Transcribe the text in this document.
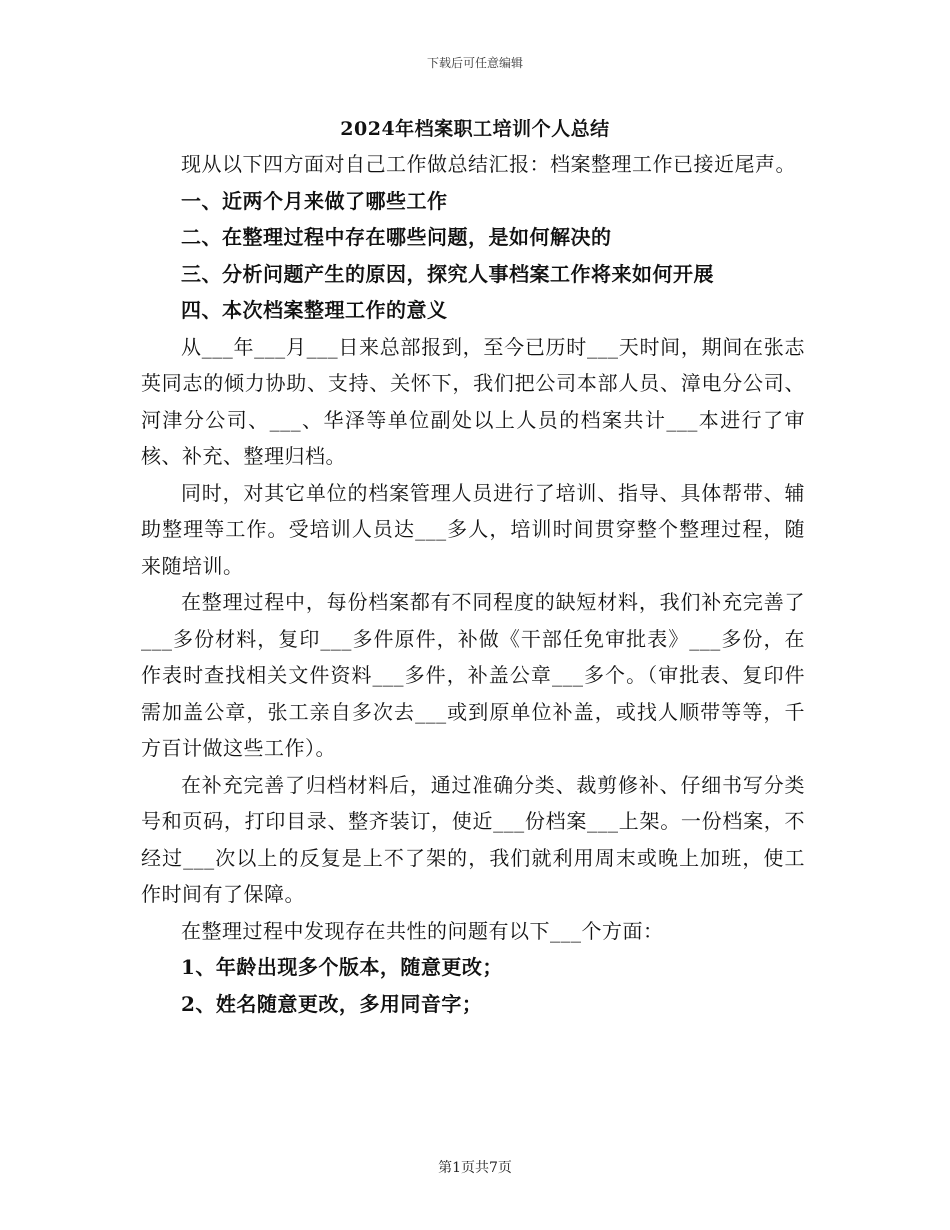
下载后可任意编辑
2024年档案职工培训个人总结

现从以下四方面对自己工作做总结汇报：档案整理工作已接近尾声。

一、近两个月来做了哪些工作

二、在整理过程中存在哪些问题，是如何解决的

三、分析问题产生的原因，探究人事档案工作将来如何开展

四、本次档案整理工作的意义

从___年___月___日来总部报到，至今已历时___天时间，期间在张志英同志的倾力协助、支持、关怀下，我们把公司本部人员、漳电分公司、河津分公司、___、华泽等单位副处以上人员的档案共计___本进行了审核、补充、整理归档。

同时，对其它单位的档案管理人员进行了培训、指导、具体帮带、辅助整理等工作。受培训人员达___多人，培训时间贯穿整个整理过程，随来随培训。

在整理过程中，每份档案都有不同程度的缺短材料，我们补充完善了___多份材料，复印___多件原件，补做《干部任免审批表》___多份，在作表时查找相关文件资料___多件，补盖公章___多个。（审批表、复印件需加盖公章，张工亲自多次去___或到原单位补盖，或找人顺带等等，千方百计做这些工作）。

在补充完善了归档材料后，通过准确分类、裁剪修补、仔细书写分类号和页码，打印目录、整齐装订，使近___份档案___上架。一份档案，不经过___次以上的反复是上不了架的，我们就利用周末或晚上加班，使工作时间有了保障。

在整理过程中发现存在共性的问题有以下___个方面：

1、年龄出现多个版本，随意更改；

2、姓名随意更改，多用同音字；

第1页共7页
